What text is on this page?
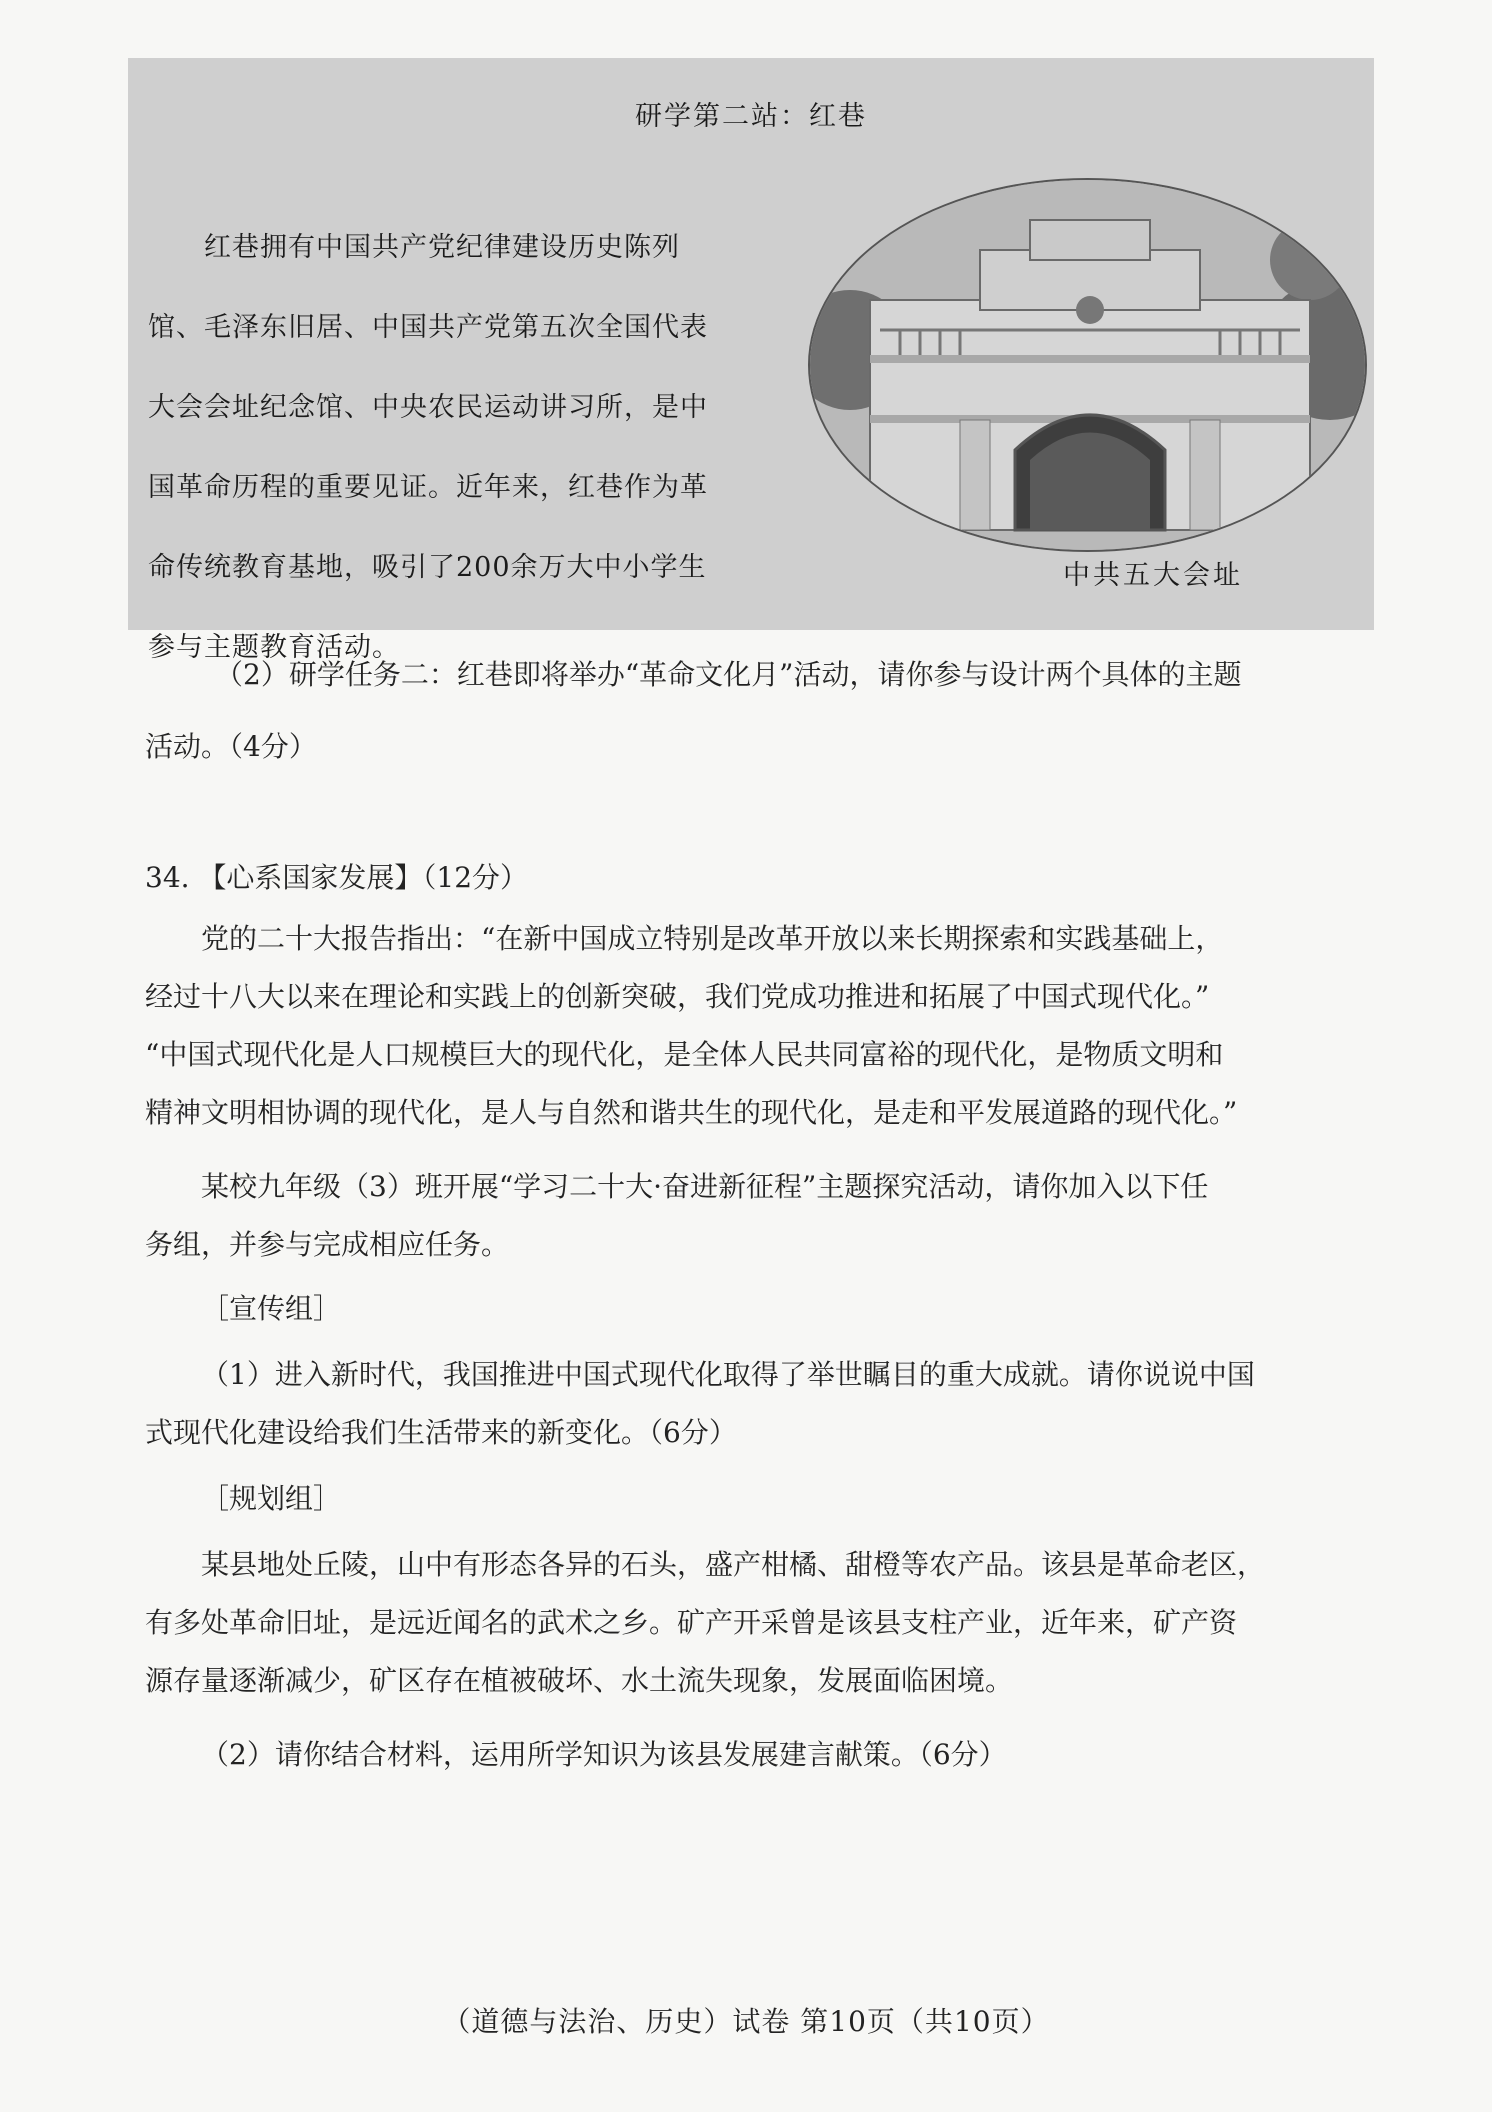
研学第二站：红巷
红巷拥有中国共产党纪律建设历史陈列
馆、毛泽东旧居、中国共产党第五次全国代表
大会会址纪念馆、中央农民运动讲习所，是中
国革命历程的重要见证。近年来，红巷作为革
命传统教育基地，吸引了200余万大中小学生
参与主题教育活动。
中共五大会址
（2）研学任务二：红巷即将举办“革命文化月”活动，请你参与设计两个具体的主题
活动。（4分）
34. 【心系国家发展】（12分）
党的二十大报告指出：“在新中国成立特别是改革开放以来长期探索和实践基础上，
经过十八大以来在理论和实践上的创新突破，我们党成功推进和拓展了中国式现代化。”
“中国式现代化是人口规模巨大的现代化，是全体人民共同富裕的现代化，是物质文明和
精神文明相协调的现代化，是人与自然和谐共生的现代化，是走和平发展道路的现代化。”
某校九年级（3）班开展“学习二十大·奋进新征程”主题探究活动，请你加入以下任
务组，并参与完成相应任务。
［宣传组］
（1）进入新时代，我国推进中国式现代化取得了举世瞩目的重大成就。请你说说中国
式现代化建设给我们生活带来的新变化。（6分）
［规划组］
某县地处丘陵，山中有形态各异的石头，盛产柑橘、甜橙等农产品。该县是革命老区，
有多处革命旧址，是远近闻名的武术之乡。矿产开采曾是该县支柱产业，近年来，矿产资
源存量逐渐减少，矿区存在植被破坏、水土流失现象，发展面临困境。
（2）请你结合材料，运用所学知识为该县发展建言献策。（6分）
（道德与法治、历史）试卷 第10页（共10页）
